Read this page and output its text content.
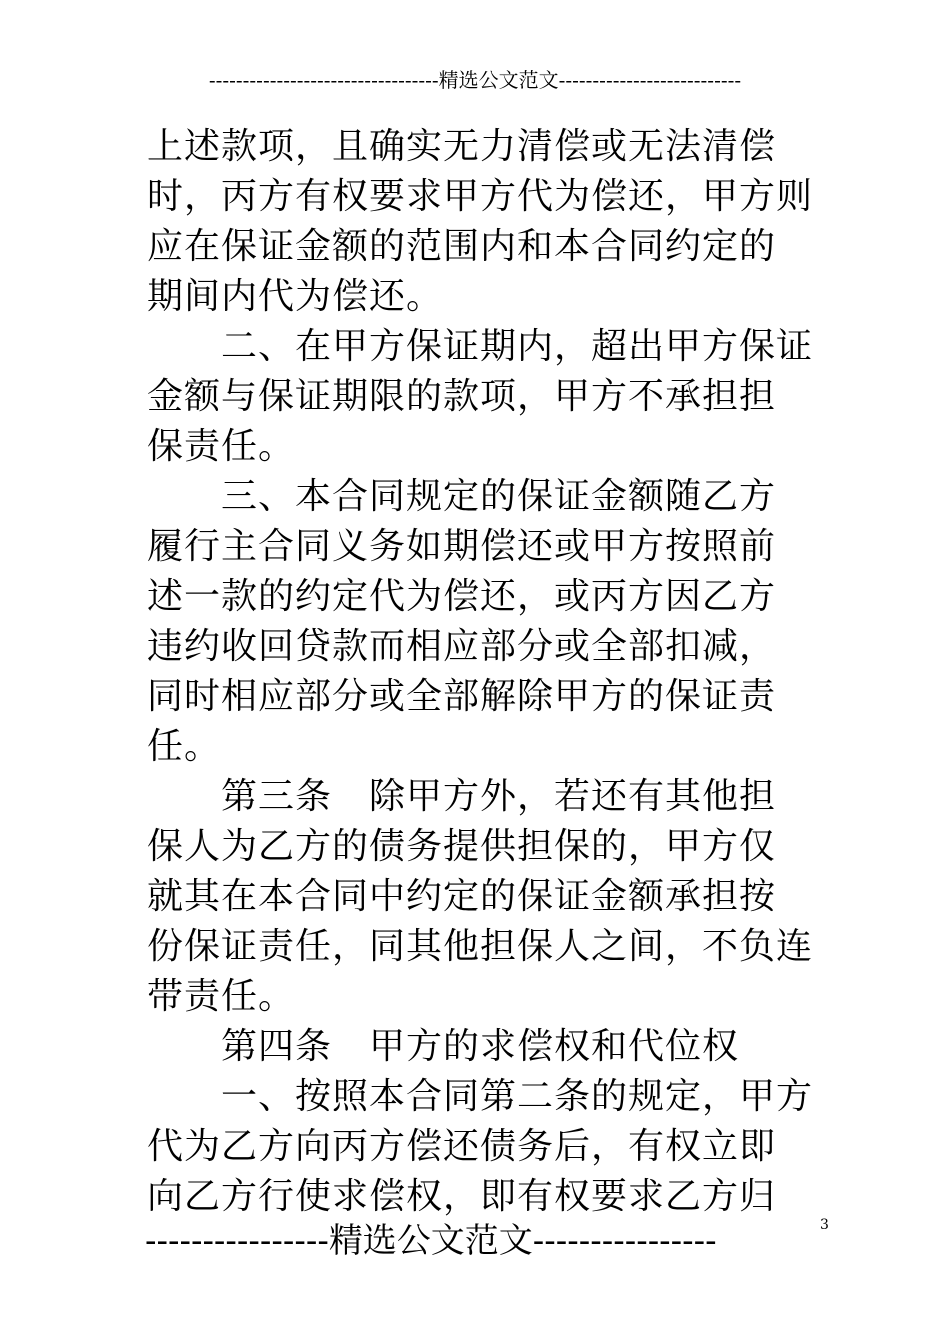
----------------------------------精选公文范文---------------------------
上述款项，且确实无力清偿或无法清偿
时，丙方有权要求甲方代为偿还，甲方则
应在保证金额的范围内和本合同约定的
期间内代为偿还。
二、在甲方保证期内，超出甲方保证
金额与保证期限的款项，甲方不承担担
保责任。
三、本合同规定的保证金额随乙方
履行主合同义务如期偿还或甲方按照前
述一款的约定代为偿还，或丙方因乙方
违约收回贷款而相应部分或全部扣减，
同时相应部分或全部解除甲方的保证责
任。
第三条　除甲方外，若还有其他担
保人为乙方的债务提供担保的，甲方仅
就其在本合同中约定的保证金额承担按
份保证责任，同其他担保人之间，不负连
带责任。
第四条　甲方的求偿权和代位权
一、按照本合同第二条的规定，甲方
代为乙方向丙方偿还债务后，有权立即
向乙方行使求偿权，即有权要求乙方归
----------------精选公文范文----------------	3
